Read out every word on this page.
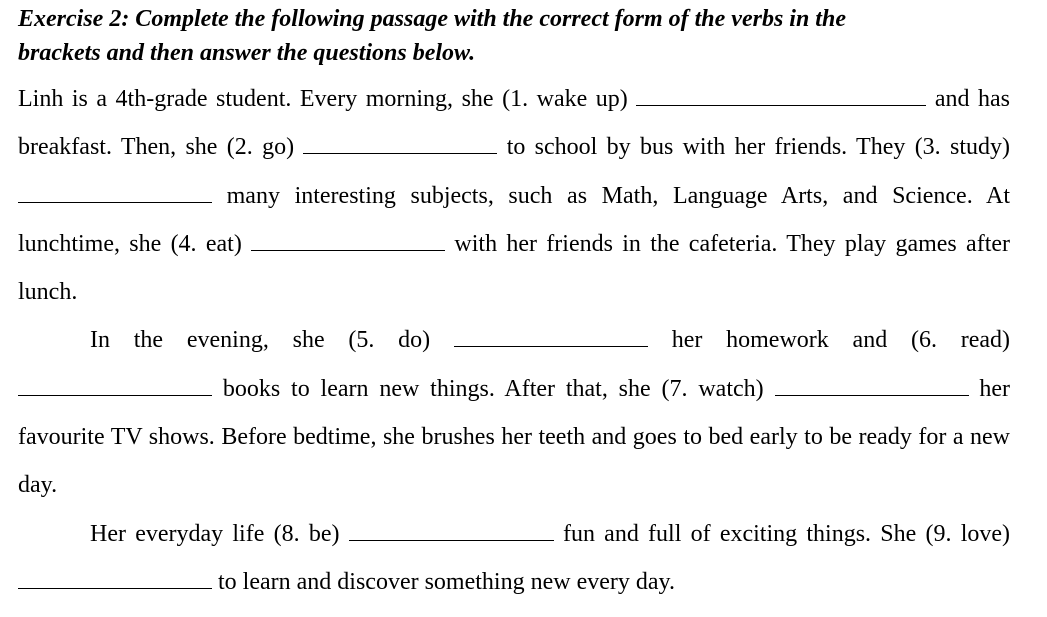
Exercise 2: Complete the following passage with the correct form of the verbs in the
brackets and then answer the questions below.

Linh is a 4th-grade student. Every morning, she (1. wake up)	and has breakfast. Then, she (2. go)	to school by bus with her friends. They (3. study)  many interesting subjects, such as Math, Language Arts, and Science. At lunchtime, she (4. eat)	with her friends in the cafeteria. They play games after lunch.

In the evening, she (5. do)	her homework and (6. read)  books to learn new things. After that, she (7. watch)	her favourite TV shows. Before bedtime, she brushes her teeth and goes to bed early to be ready for a new day.

Her everyday life (8. be)	fun and full of exciting things. She (9. love)  to learn and discover something new every day.
